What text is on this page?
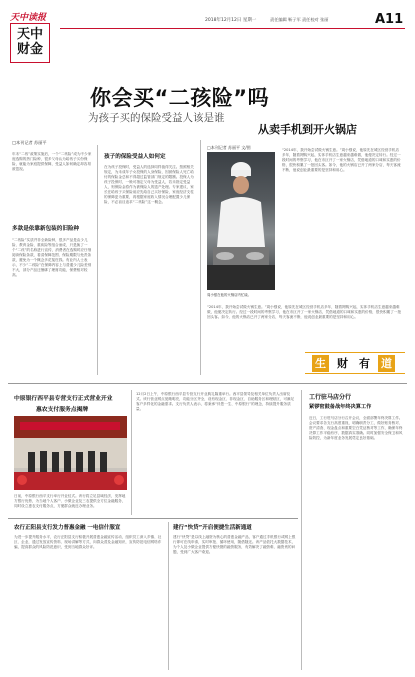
天中读报
天中
财金
2018年12月12日 星期一	责任编辑 靳子军 责任校对 张丽	A11
你会买“二孩险”吗
为孩子买的保险受益人该是谁
□本刊记者 苏丽平
从卖手机到开火锅店
年末“二孩”政策实施后，一个“二孩险”成为不少家庭选购的热门险种，很多父母认为给孩子买份保险，就能为家庭提供保障，受益人如何确定却容易被忽视。
多款是依靠新包装的旧险种
“二孩险”实质并非全新险种，很多产品是由少儿险、教育金险、重疾险等组合而成，只是换了一个“二孩”的名称进行宣传，消费者在选购时应仔细阅读保险条款，看清保障范围、保险期限与免责条款，避免为一个概念多花冤枉钱。有业内人士表示，不少“二孩险”在保障内容上与普通少儿险差别不大，部分产品还捆绑了理财功能，保费相对较高。
孩子的保险受益人如何定
在为孩子投保时，受益人的选择同样值得关注。按照相关规定，为未成年子女投保的人身保险，因被保险人死亡给付的保险金总和不得超过监管部门规定的限额。投保人为孩子投保时，一般可指定父母为受益人，若未指定受益人，则保险金将作为被保险人的遗产处理。专家建议，家长在给孩子买保险前应先给自己买好保险，家庭经济支柱的保障更为重要，再根据家庭收入情况合理配置少儿保险，不必盲目追求“二孩险”这一概念。
□本刊记者 苏丽平 文/图
周小强在他的火锅店内忙碌。
“2014年，我开始尝试做火锅生意。”周小强说，他原先在城区经营手机店多年，随着网购兴起，实体手机店生意越来越难做，他便决定转行。经过一段时间的考察学习，他在市区开了一家火锅店，凭借地道的口味和实惠的价格，很快积累了一批回头客。如今，他的火锅店已开了两家分店，每天客流不断，他说创业最重要的是坚持和用心。
“2014年，我开始尝试做火锅生意。”周小强说，他原先在城区经营手机店多年，随着网购兴起，实体手机店生意越来越难做，他便决定转行。经过一段时间的考察学习，他在市区开了一家火锅店，凭借地道的口味和实惠的价格，很快积累了一批回头客。如今，他的火锅店已开了两家分店，每天客流不断，他说创业最重要的是坚持和用心。
生 财 有 道
中原银行西平县专营支行正式营业开业
惠农支付服务点揭牌
日前，中原银行西平支行举行开业仪式。该行将立足县域经济，发挥地方银行优势，为当地个人客户、小微企业及三农提供全方位金融服务，同时设立惠农支付服务点，方便群众就近办理业务。
12月2日上午，中原银行西平县专营支行开业典礼隆重举行。西平县领导及相关单位负责人出席仪式。该行营业网点宽敞明亮，功能分区齐全，设有现金区、非现金区、自助服务区和理财区，可满足客户多样化的金融需求。支行负责人表示，将秉承“伴您一生、中原银行”的理念，持续提升服务质量。
工行驻马店分行
紧锣密鼓备战年终决算工作
近日，工行驻马店分行召开会议，全面部署年终决算工作。会议要求各支行高度重视，明确职责分工，做好账务核对、资产清查、现金盘点和重要空白凭证核对等工作，确保年终决算工作平稳有序，数据真实准确。同时加强安全保卫和风险防控，为新年度业务发展奠定良好基础。
农行正阳县支行发力普惠金融 一电信什服宣
为进一步提升服务水平，农行正阳县支行积极开展普惠金融宣传活动，组织员工深入乡镇、社区、企业，通过发放宣传资料、现场讲解等方式，向群众普及金融知识，宣传防范电信网络诈骗，提高群众的风险防范意识，受到当地群众好评。
建行“快贷”开启便捷生活新通道
建行“快贷”是以线上融资为核心的普惠金融产品，客户通过手机银行或网上银行即可在线申请，实时审批、循环使用，随借随还。该产品依托大数据技术，为个人及小微企业提供方便快捷的融资服务，有效解决了融资难、融资贵的问题，受到广大客户欢迎。
